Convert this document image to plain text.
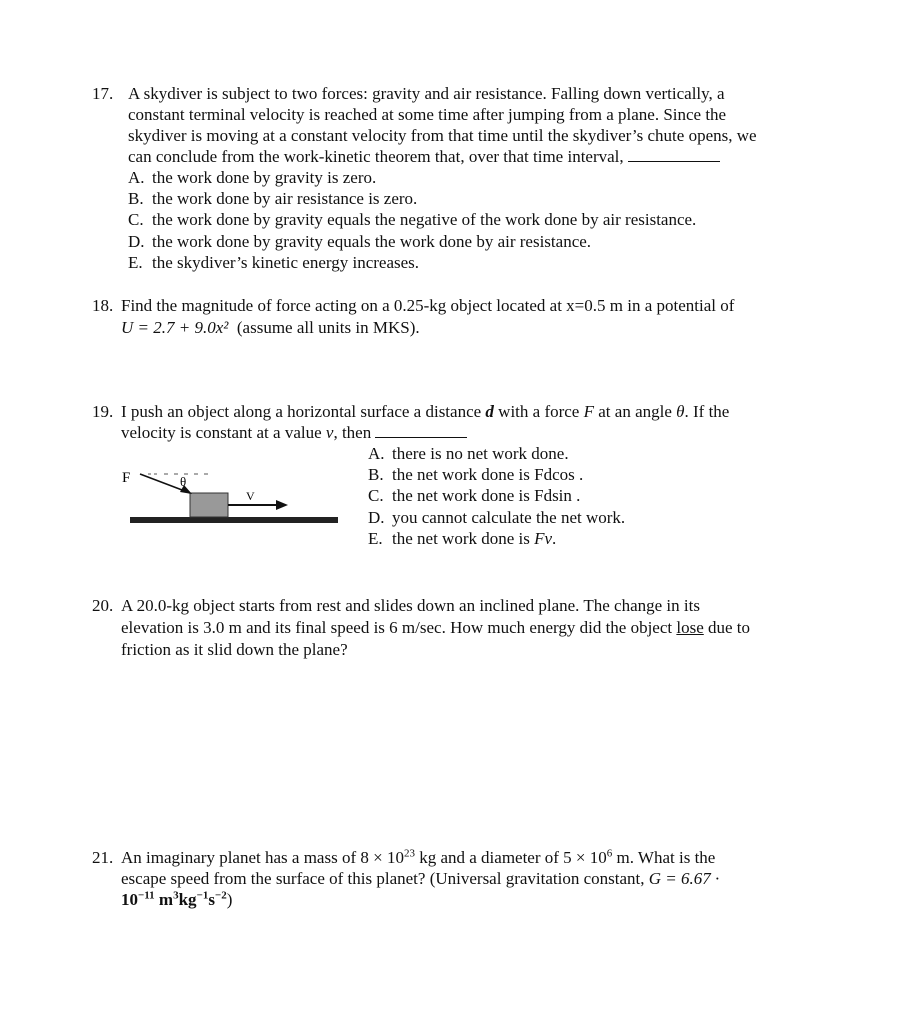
17. A skydiver is subject to two forces: gravity and air resistance. Falling down vertically, a
constant terminal velocity is reached at some time after jumping from a plane. Since the
skydiver is moving at a constant velocity from that time until the skydiver’s chute opens, we
can conclude from the work-kinetic theorem that, over that time interval,
A. the work done by gravity is zero.
B. the work done by air resistance is zero.
C. the work done by gravity equals the negative of the work done by air resistance.
D. the work done by gravity equals the work done by air resistance.
E. the skydiver’s kinetic energy increases.
18. Find the magnitude of force acting on a 0.25-kg object located at x=0.5 m in a potential of
U = 2.7 + 9.0x² (assume all units in MKS).
19. I push an object along a horizontal surface a distance d with a force F at an angle θ. If the
velocity is constant at a value v, then
A. there is no net work done.
B. the net work done is Fdcos .
C. the net work done is Fdsin .
D. you cannot calculate the net work.
E. the net work done is Fv.
V
F	θ
20. A 20.0-kg object starts from rest and slides down an inclined plane. The change in its
elevation is 3.0 m and its final speed is 6 m/sec. How much energy did the object lose due to
friction as it slid down the plane?
21. An imaginary planet has a mass of $8 \times 10^{23}$ kg and a diameter of $5 \times 10^6$ m. What is the
escape speed from the surface of this planet? (Universal gravitation constant, G = 6.67 ·
$10^{-11}$ $m^3kg^{-1}s^{-2}$)
